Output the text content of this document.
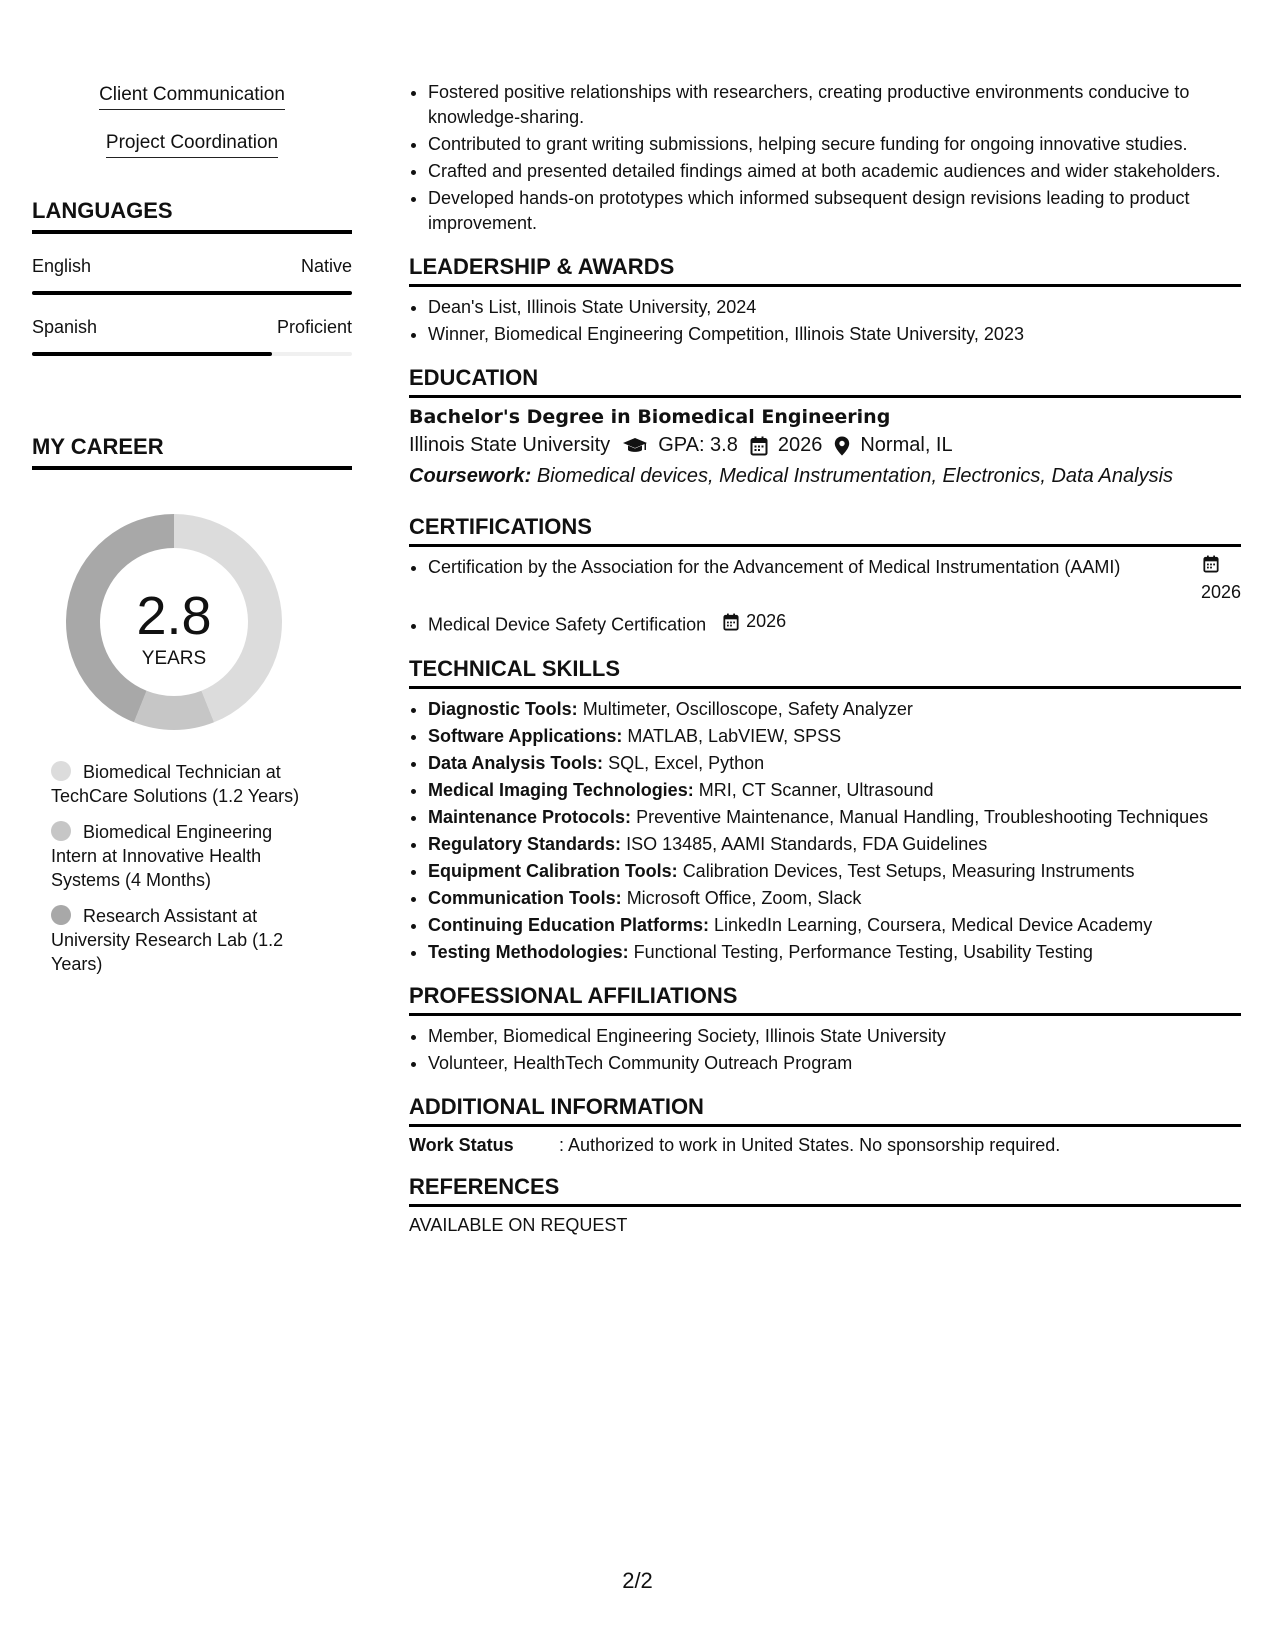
Client Communication
Project Coordination
LANGUAGES
English	Native
Spanish	Proficient
MY CAREER
2.8
YEARS
Biomedical Technician at TechCare Solutions (1.2 Years)
Biomedical Engineering Intern at Innovative Health Systems (4 Months)
Research Assistant at University Research Lab (1.2 Years)
• Fostered positive relationships with researchers, creating productive environments conducive to knowledge-sharing.
• Contributed to grant writing submissions, helping secure funding for ongoing innovative studies.
• Crafted and presented detailed findings aimed at both academic audiences and wider stakeholders.
• Developed hands-on prototypes which informed subsequent design revisions leading to product improvement.
LEADERSHIP & AWARDS
• Dean's List, Illinois State University, 2024
• Winner, Biomedical Engineering Competition, Illinois State University, 2023
EDUCATION
Bachelor's Degree in Biomedical Engineering
Illinois State University GPA: 3.8 2026 Normal, IL
Coursework: Biomedical devices, Medical Instrumentation, Electronics, Data Analysis
CERTIFICATIONS
• Certification by the Association for the Advancement of Medical Instrumentation (AAMI)
2026
• Medical Device Safety Certification 2026
TECHNICAL SKILLS
• Diagnostic Tools: Multimeter, Oscilloscope, Safety Analyzer
• Software Applications: MATLAB, LabVIEW, SPSS
• Data Analysis Tools: SQL, Excel, Python
• Medical Imaging Technologies: MRI, CT Scanner, Ultrasound
• Maintenance Protocols: Preventive Maintenance, Manual Handling, Troubleshooting Techniques
• Regulatory Standards: ISO 13485, AAMI Standards, FDA Guidelines
• Equipment Calibration Tools: Calibration Devices, Test Setups, Measuring Instruments
• Communication Tools: Microsoft Office, Zoom, Slack
• Continuing Education Platforms: LinkedIn Learning, Coursera, Medical Device Academy
• Testing Methodologies: Functional Testing, Performance Testing, Usability Testing
PROFESSIONAL AFFILIATIONS
• Member, Biomedical Engineering Society, Illinois State University
• Volunteer, HealthTech Community Outreach Program
ADDITIONAL INFORMATION
Work Status	: Authorized to work in United States. No sponsorship required.
REFERENCES
AVAILABLE ON REQUEST
2/2
